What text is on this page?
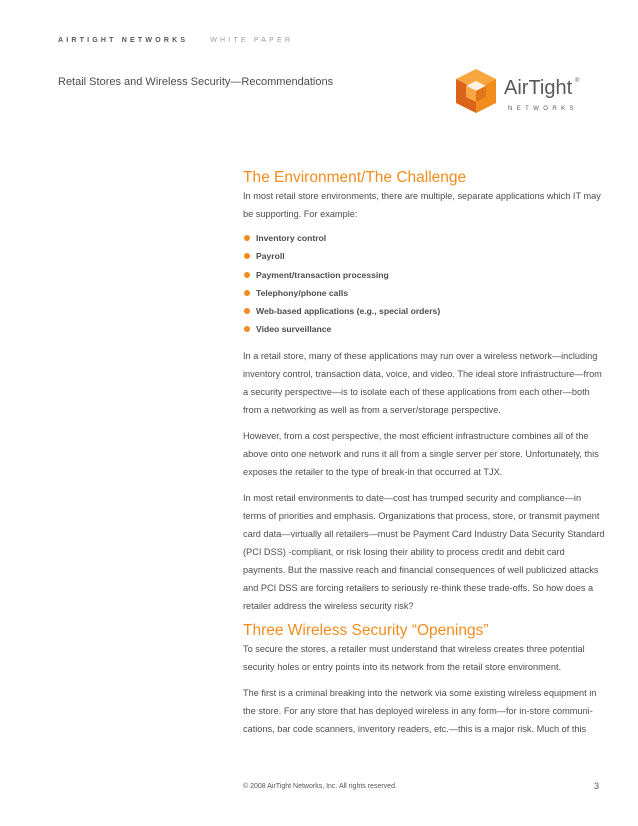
AIRTIGHT NETWORKS	WHITE PAPER
Retail Stores and Wireless Security—Recommendations	AirTight ®
NETWORKS
The Environment/The Challenge

In most retail store environments, there are multiple, separate applications which IT may be supporting. For example:

Inventory control
Payroll
Payment/transaction processing
Telephony/phone calls
Web-based applications (e.g., special orders)
Video surveillance

In a retail store, many of these applications may run over a wireless network—including inventory control, transaction data, voice, and video. The ideal store infrastructure—from a security perspective—is to isolate each of these applications from each other—both from a networking as well as from a server/storage perspective.

However, from a cost perspective, the most efficient infrastructure combines all of the above onto one network and runs it all from a single server per store. Unfortunately, this exposes the retailer to the type of break-in that occurred at TJX.

In most retail environments to date—cost has trumped security and compliance—in terms of priorities and emphasis. Organizations that process, store, or transmit payment card data—virtually all retailers—must be Payment Card Industry Data Security Standard (PCI DSS) -compliant, or risk losing their ability to process credit and debit card payments. But the massive reach and financial consequences of well publicized attacks and PCI DSS are forcing retailers to seriously re-think these trade-offs. So how does a retailer address the wireless security risk?

Three Wireless Security “Openings”

To secure the stores, a retailer must understand that wireless creates three potential security holes or entry points into its network from the retail store environment.

The first is a criminal breaking into the network via some existing wireless equipment in the store. For any store that has deployed wireless in any form—for in-store communi-cations, bar code scanners, inventory readers, etc.—this is a major risk. Much of this

© 2008 AirTight Networks, Inc. All rights reserved.	3
